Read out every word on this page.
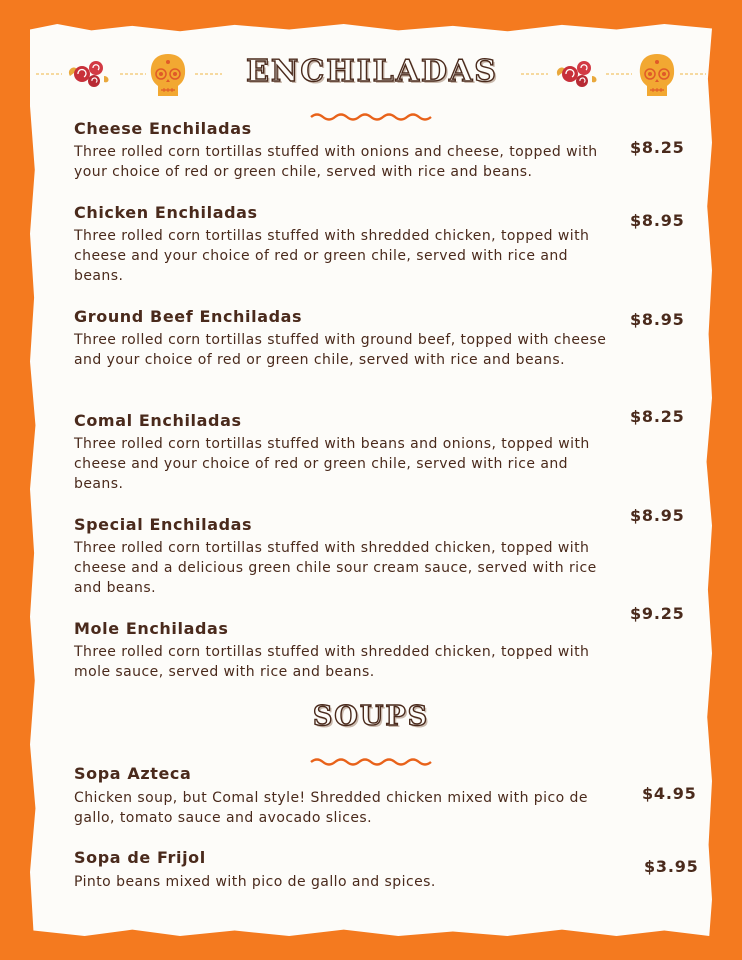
ENCHILADAS
Cheese Enchiladas
Three rolled corn tortillas stuffed with onions and cheese, topped with your choice of red or green chile, served with rice and beans.
$8.25
Chicken Enchiladas
Three rolled corn tortillas stuffed with shredded chicken, topped with cheese and your choice of red or green chile, served with rice and beans.
$8.95
Ground Beef Enchiladas
Three rolled corn tortillas stuffed with ground beef, topped with cheese and your choice of red or green chile, served with rice and beans.
$8.95
Comal Enchiladas
Three rolled corn tortillas stuffed with beans and onions, topped with cheese and your choice of red or green chile, served with rice and beans.
$8.25
Special Enchiladas
Three rolled corn tortillas stuffed with shredded chicken, topped with cheese and a delicious green chile sour cream sauce, served with rice and beans.
$8.95
Mole Enchiladas
Three rolled corn tortillas stuffed with shredded chicken, topped with mole sauce, served with rice and beans.
$9.25
SOUPS
Sopa Azteca
Chicken soup, but Comal style! Shredded chicken mixed with pico de gallo, tomato sauce and avocado slices.
$4.95
Sopa de Frijol
Pinto beans mixed with pico de gallo and spices.
$3.95
